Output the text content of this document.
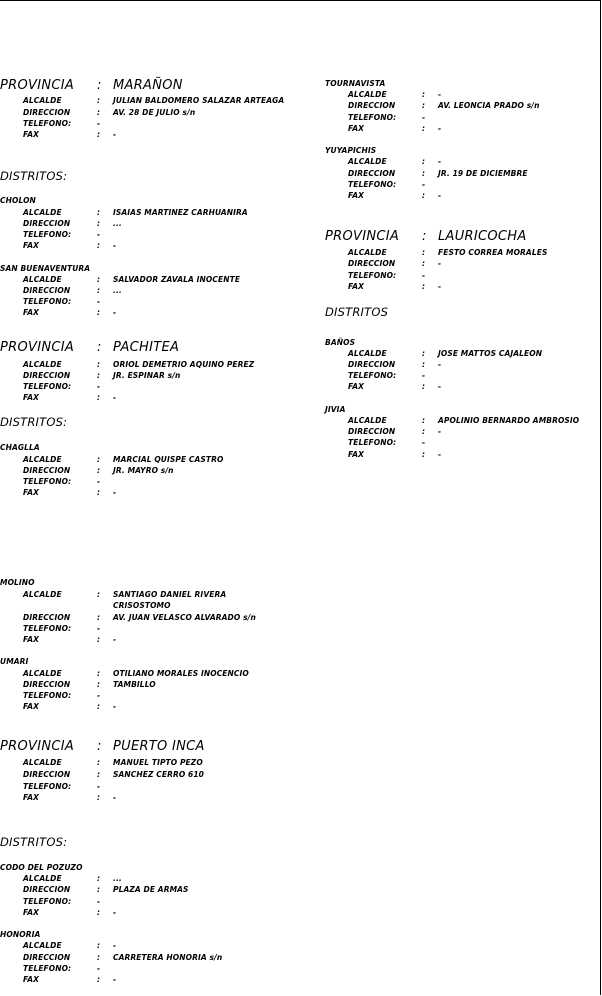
PROVINCIA : MARAÑON
ALCALDE	: JULIAN BALDOMERO SALAZAR ARTEAGA
DIRECCION	: AV. 28 DE JULIO s/n
TELEFONO:	-
FAX	: -
DISTRITOS:
CHOLON
ALCALDE	: ISAIAS MARTINEZ CARHUANIRA
DIRECCION	: ...
TELEFONO:	-
FAX	: -
SAN BUENAVENTURA
ALCALDE	: SALVADOR ZAVALA INOCENTE
DIRECCION	: ...
TELEFONO:	-
FAX	: -
PROVINCIA : PACHITEA
ALCALDE	: ORIOL DEMETRIO AQUINO PEREZ
DIRECCION	: JR. ESPINAR s/n
TELEFONO:	-
FAX	: -
DISTRITOS:
CHAGLLA
ALCALDE	: MARCIAL QUISPE CASTRO
DIRECCION	: JR. MAYRO s/n
TELEFONO:	-
FAX	: -
MOLINO
ALCALDE	: SANTIAGO DANIEL RIVERA
CRISOSTOMO
DIRECCION	: AV. JUAN VELASCO ALVARADO s/n
TELEFONO:	-
FAX	: -
UMARI
ALCALDE	: OTILIANO MORALES INOCENCIO
DIRECCION	: TAMBILLO
TELEFONO:	-
FAX	: -
PROVINCIA : PUERTO INCA
ALCALDE	: MANUEL TIPTO PEZO
DIRECCION	: SANCHEZ CERRO 610
TELEFONO:	-
FAX	: -
DISTRITOS:
CODO DEL POZUZO
ALCALDE	: ...
DIRECCION	: PLAZA DE ARMAS
TELEFONO:	-
FAX	: -
HONORIA
ALCALDE	: -
DIRECCION	: CARRETERA HONORIA s/n
TELEFONO:	-
FAX	: -
TOURNAVISTA
ALCALDE	: -
DIRECCION	: AV. LEONCIA PRADO s/n
TELEFONO:	-
FAX	: -
YUYAPICHIS
ALCALDE	: -
DIRECCION	: JR. 19 DE DICIEMBRE
TELEFONO:	-
FAX	: -
PROVINCIA : LAURICOCHA
ALCALDE	: FESTO CORREA MORALES
DIRECCION	: -
TELEFONO:	-
FAX	: -
DISTRITOS
BAÑOS
ALCALDE	: JOSE MATTOS CAJALEON
DIRECCION	: -
TELEFONO:	-
FAX	: -
JIVIA
ALCALDE	: APOLINIO BERNARDO AMBROSIO
DIRECCION	: -
TELEFONO:	-
FAX	: -
